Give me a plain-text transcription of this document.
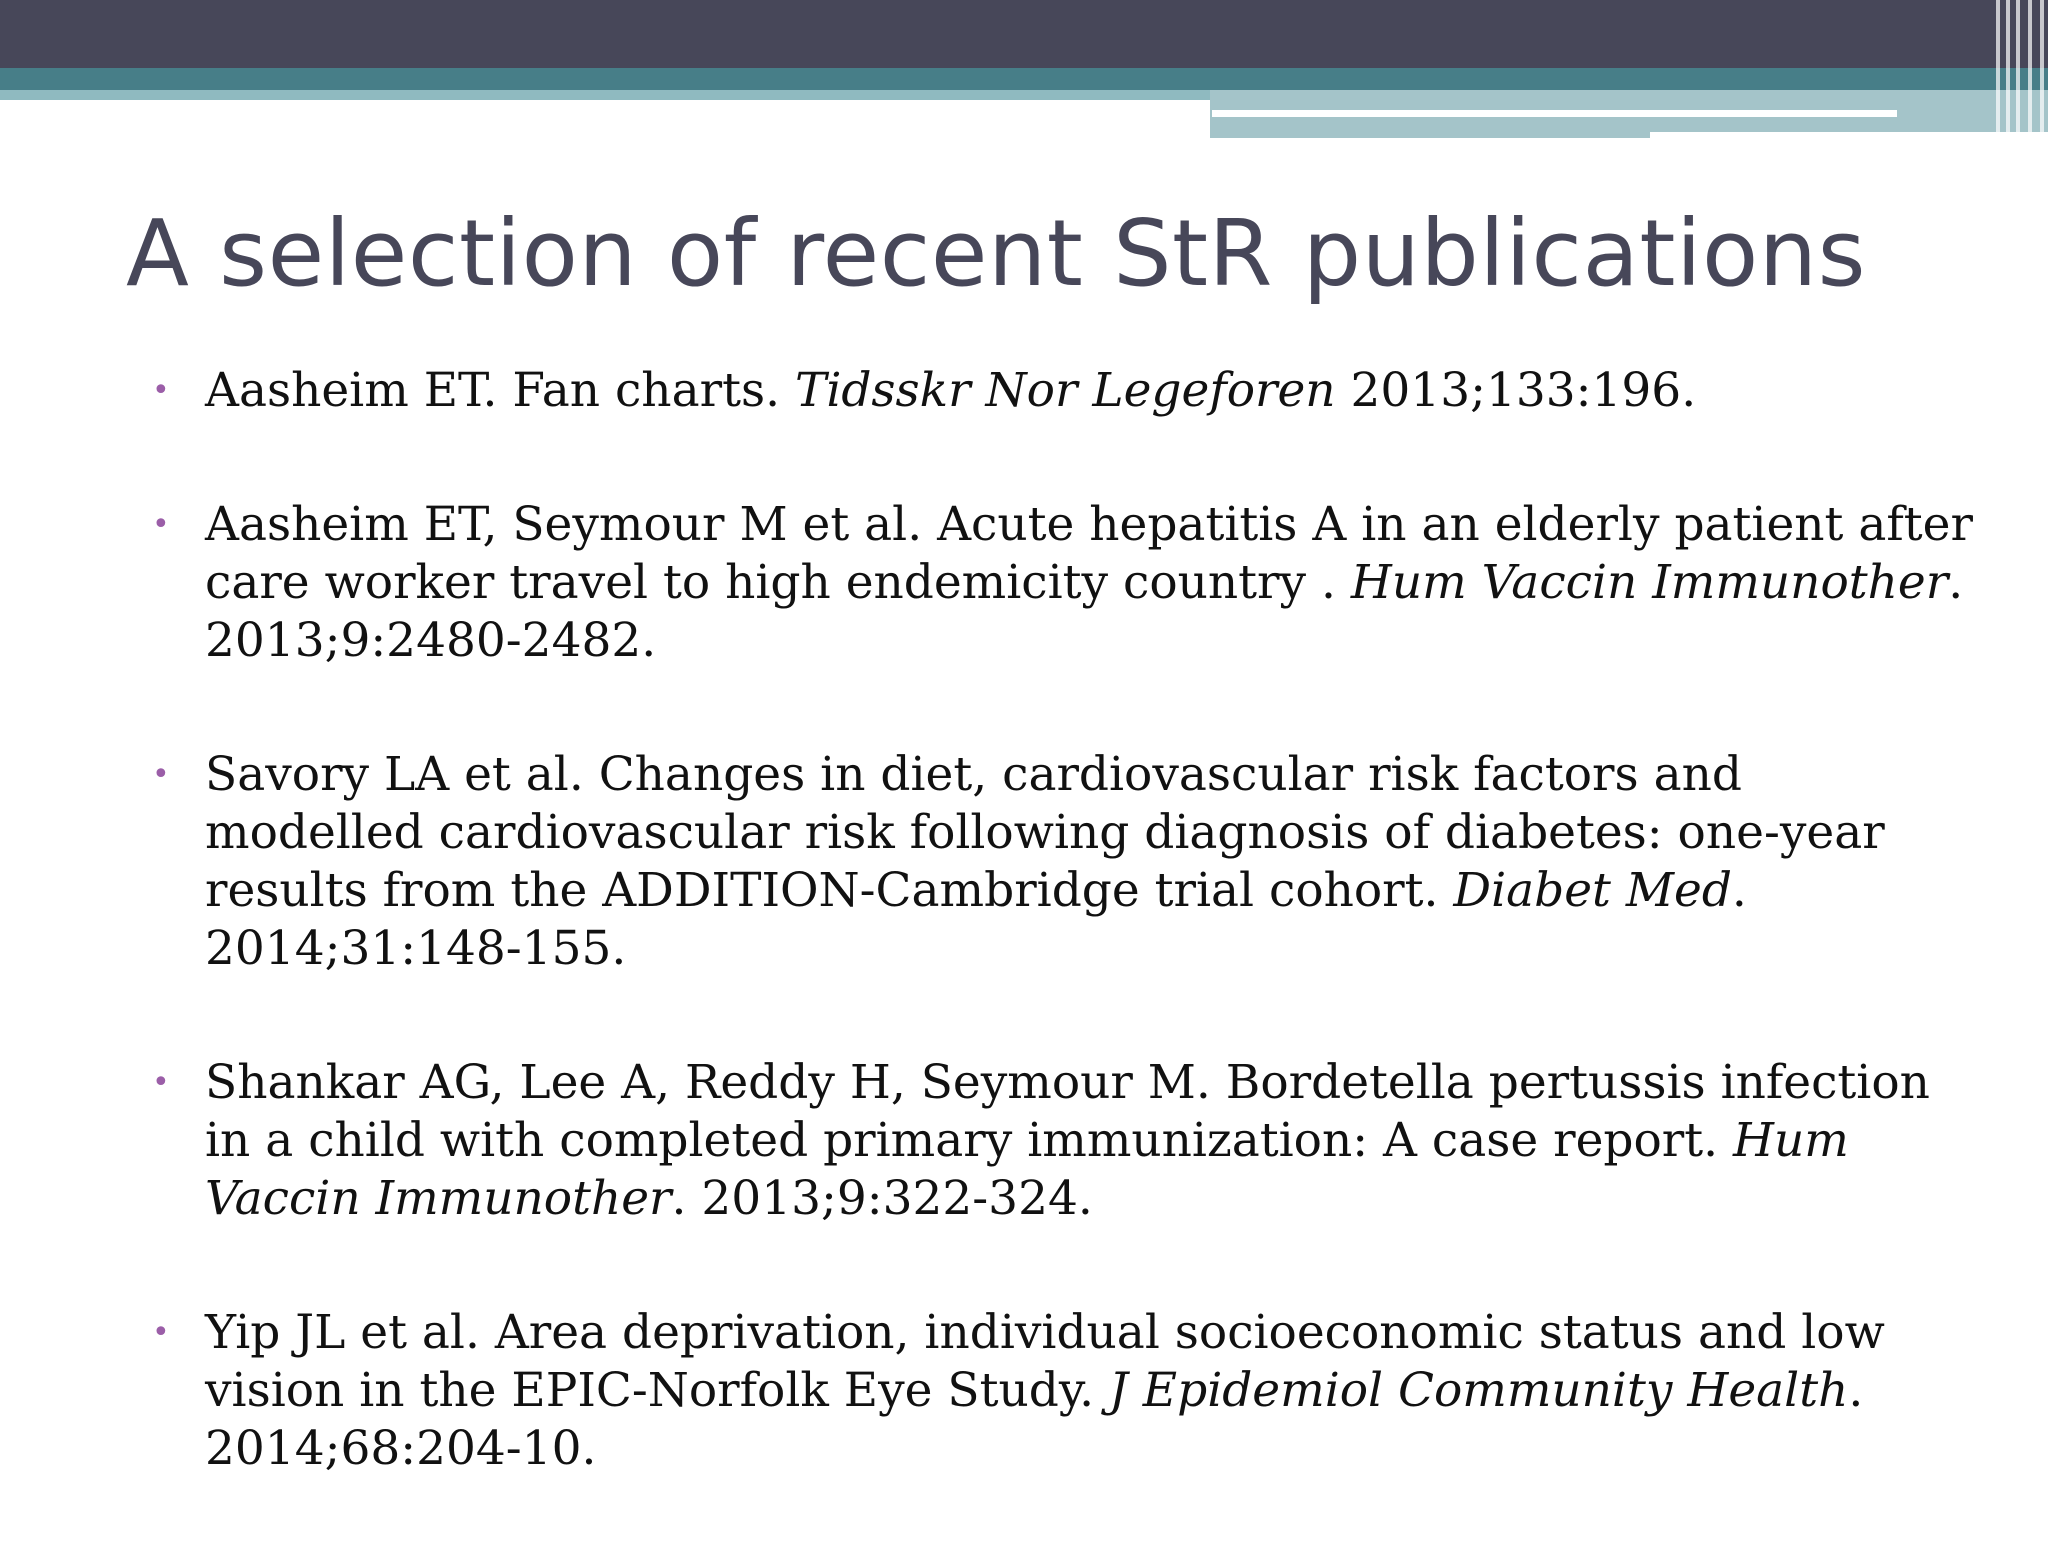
A selection of recent StR publications
• Aasheim ET. Fan charts. Tidsskr Nor Legeforen 2013;133:196.
• Aasheim ET, Seymour M et al. Acute hepatitis A in an elderly patient after care worker travel to high endemicity country . Hum Vaccin Immunother. 2013;9:2480-2482.
• Savory LA et al. Changes in diet, cardiovascular risk factors and modelled cardiovascular risk following diagnosis of diabetes: one-year results from the ADDITION-Cambridge trial cohort. Diabet Med. 2014;31:148-155.
• Shankar AG, Lee A, Reddy H, Seymour M. Bordetella pertussis infection in a child with completed primary immunization: A case report. Hum Vaccin Immunother. 2013;9:322-324.
• Yip JL et al. Area deprivation, individual socioeconomic status and low vision in the EPIC-Norfolk Eye Study. J Epidemiol Community Health. 2014;68:204-10.
